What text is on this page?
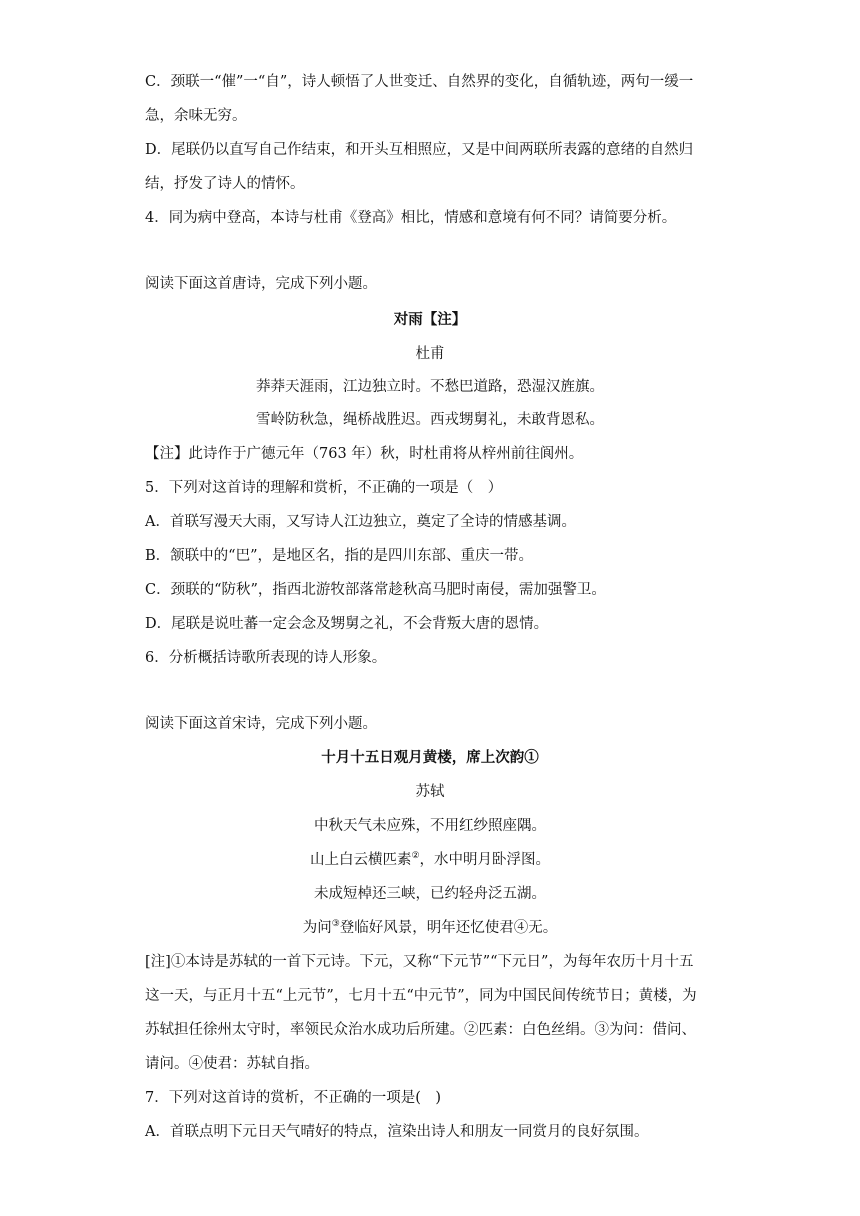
C．颈联一“催”一“自”，诗人顿悟了人世变迁、自然界的变化，自循轨迹，两句一缓一
急，余味无穷。
D．尾联仍以直写自己作结束，和开头互相照应，又是中间两联所表露的意绪的自然归
结，抒发了诗人的情怀。
4．同为病中登高，本诗与杜甫《登高》相比，情感和意境有何不同？请简要分析。
阅读下面这首唐诗，完成下列小题。
对雨【注】
杜甫
莽莽天涯雨，江边独立时。不愁巴道路，恐湿汉旌旗。
雪岭防秋急，绳桥战胜迟。西戎甥舅礼，未敢背恩私。
【注】此诗作于广德元年（763 年）秋，时杜甫将从梓州前往阆州。
5．下列对这首诗的理解和赏析，不正确的一项是（　）
A．首联写漫天大雨，又写诗人江边独立，奠定了全诗的情感基调。
B．颔联中的“巴”，是地区名，指的是四川东部、重庆一带。
C．颈联的“防秋”，指西北游牧部落常趁秋高马肥时南侵，需加强警卫。
D．尾联是说吐蕃一定会念及甥舅之礼，不会背叛大唐的恩情。
6．分析概括诗歌所表现的诗人形象。
阅读下面这首宋诗，完成下列小题。
十月十五日观月黄楼，席上次韵①
苏轼
中秋天气未应殊，不用红纱照座隅。
山上白云横匹素②，水中明月卧浮图。
未成短棹还三峡，已约轻舟泛五湖。
为问③登临好风景，明年还忆使君④无。
[注]①本诗是苏轼的一首下元诗。下元，又称“下元节”“下元日”，为每年农历十月十五
这一天，与正月十五“上元节”，七月十五“中元节”，同为中国民间传统节日；黄楼，为
苏轼担任徐州太守时，率领民众治水成功后所建。②匹素：白色丝绢。③为问：借问、
请问。④使君：苏轼自指。
7．下列对这首诗的赏析，不正确的一项是(　)
A．首联点明下元日天气晴好的特点，渲染出诗人和朋友一同赏月的良好氛围。
